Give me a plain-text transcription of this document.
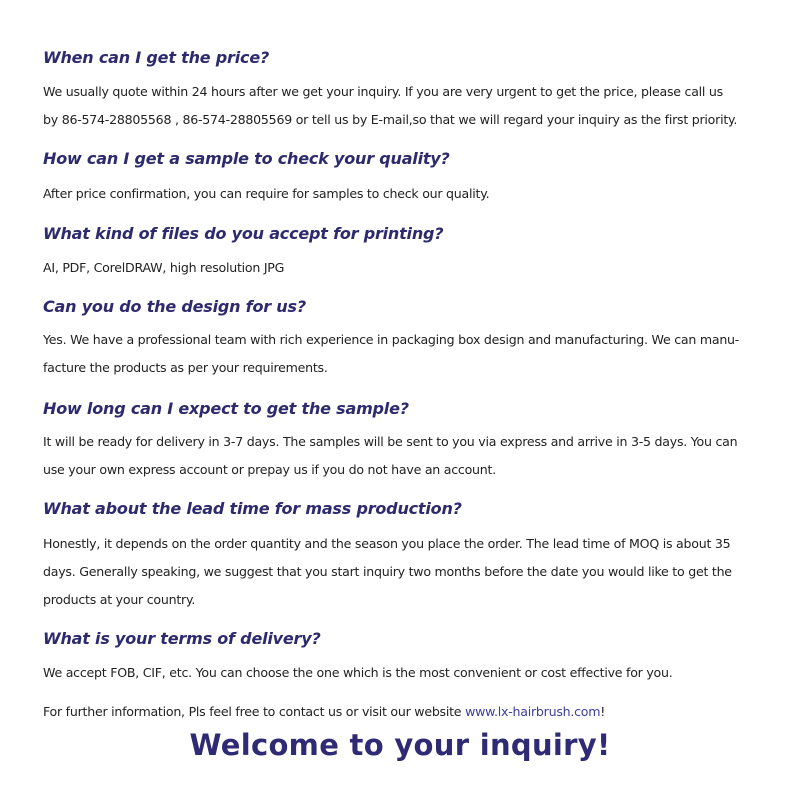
When can I get the price?

We usually quote within 24 hours after we get your inquiry. If you are very urgent to get the price, please call us
by 86-574-28805568 , 86-574-28805569 or tell us by E-mail,so that we will regard your inquiry as the first priority.

How can I get a sample to check your quality?

After price confirmation, you can require for samples to check our quality.

What kind of files do you accept for printing?

AI, PDF, CorelDRAW, high resolution JPG

Can you do the design for us?

Yes. We have a professional team with rich experience in packaging box design and manufacturing. We can manu-
facture the products as per your requirements.

How long can I expect to get the sample?

It will be ready for delivery in 3-7 days. The samples will be sent to you via express and arrive in 3-5 days. You can
use your own express account or prepay us if you do not have an account.

What about the lead time for mass production?

Honestly, it depends on the order quantity and the season you place the order. The lead time of MOQ is about 35
days. Generally speaking, we suggest that you start inquiry two months before the date you would like to get the
products at your country.

What is your terms of delivery?

We accept FOB, CIF, etc. You can choose the one which is the most convenient or cost effective for you.

For further information, Pls feel free to contact us or visit our website www.lx-hairbrush.com!

Welcome to your inquiry!
